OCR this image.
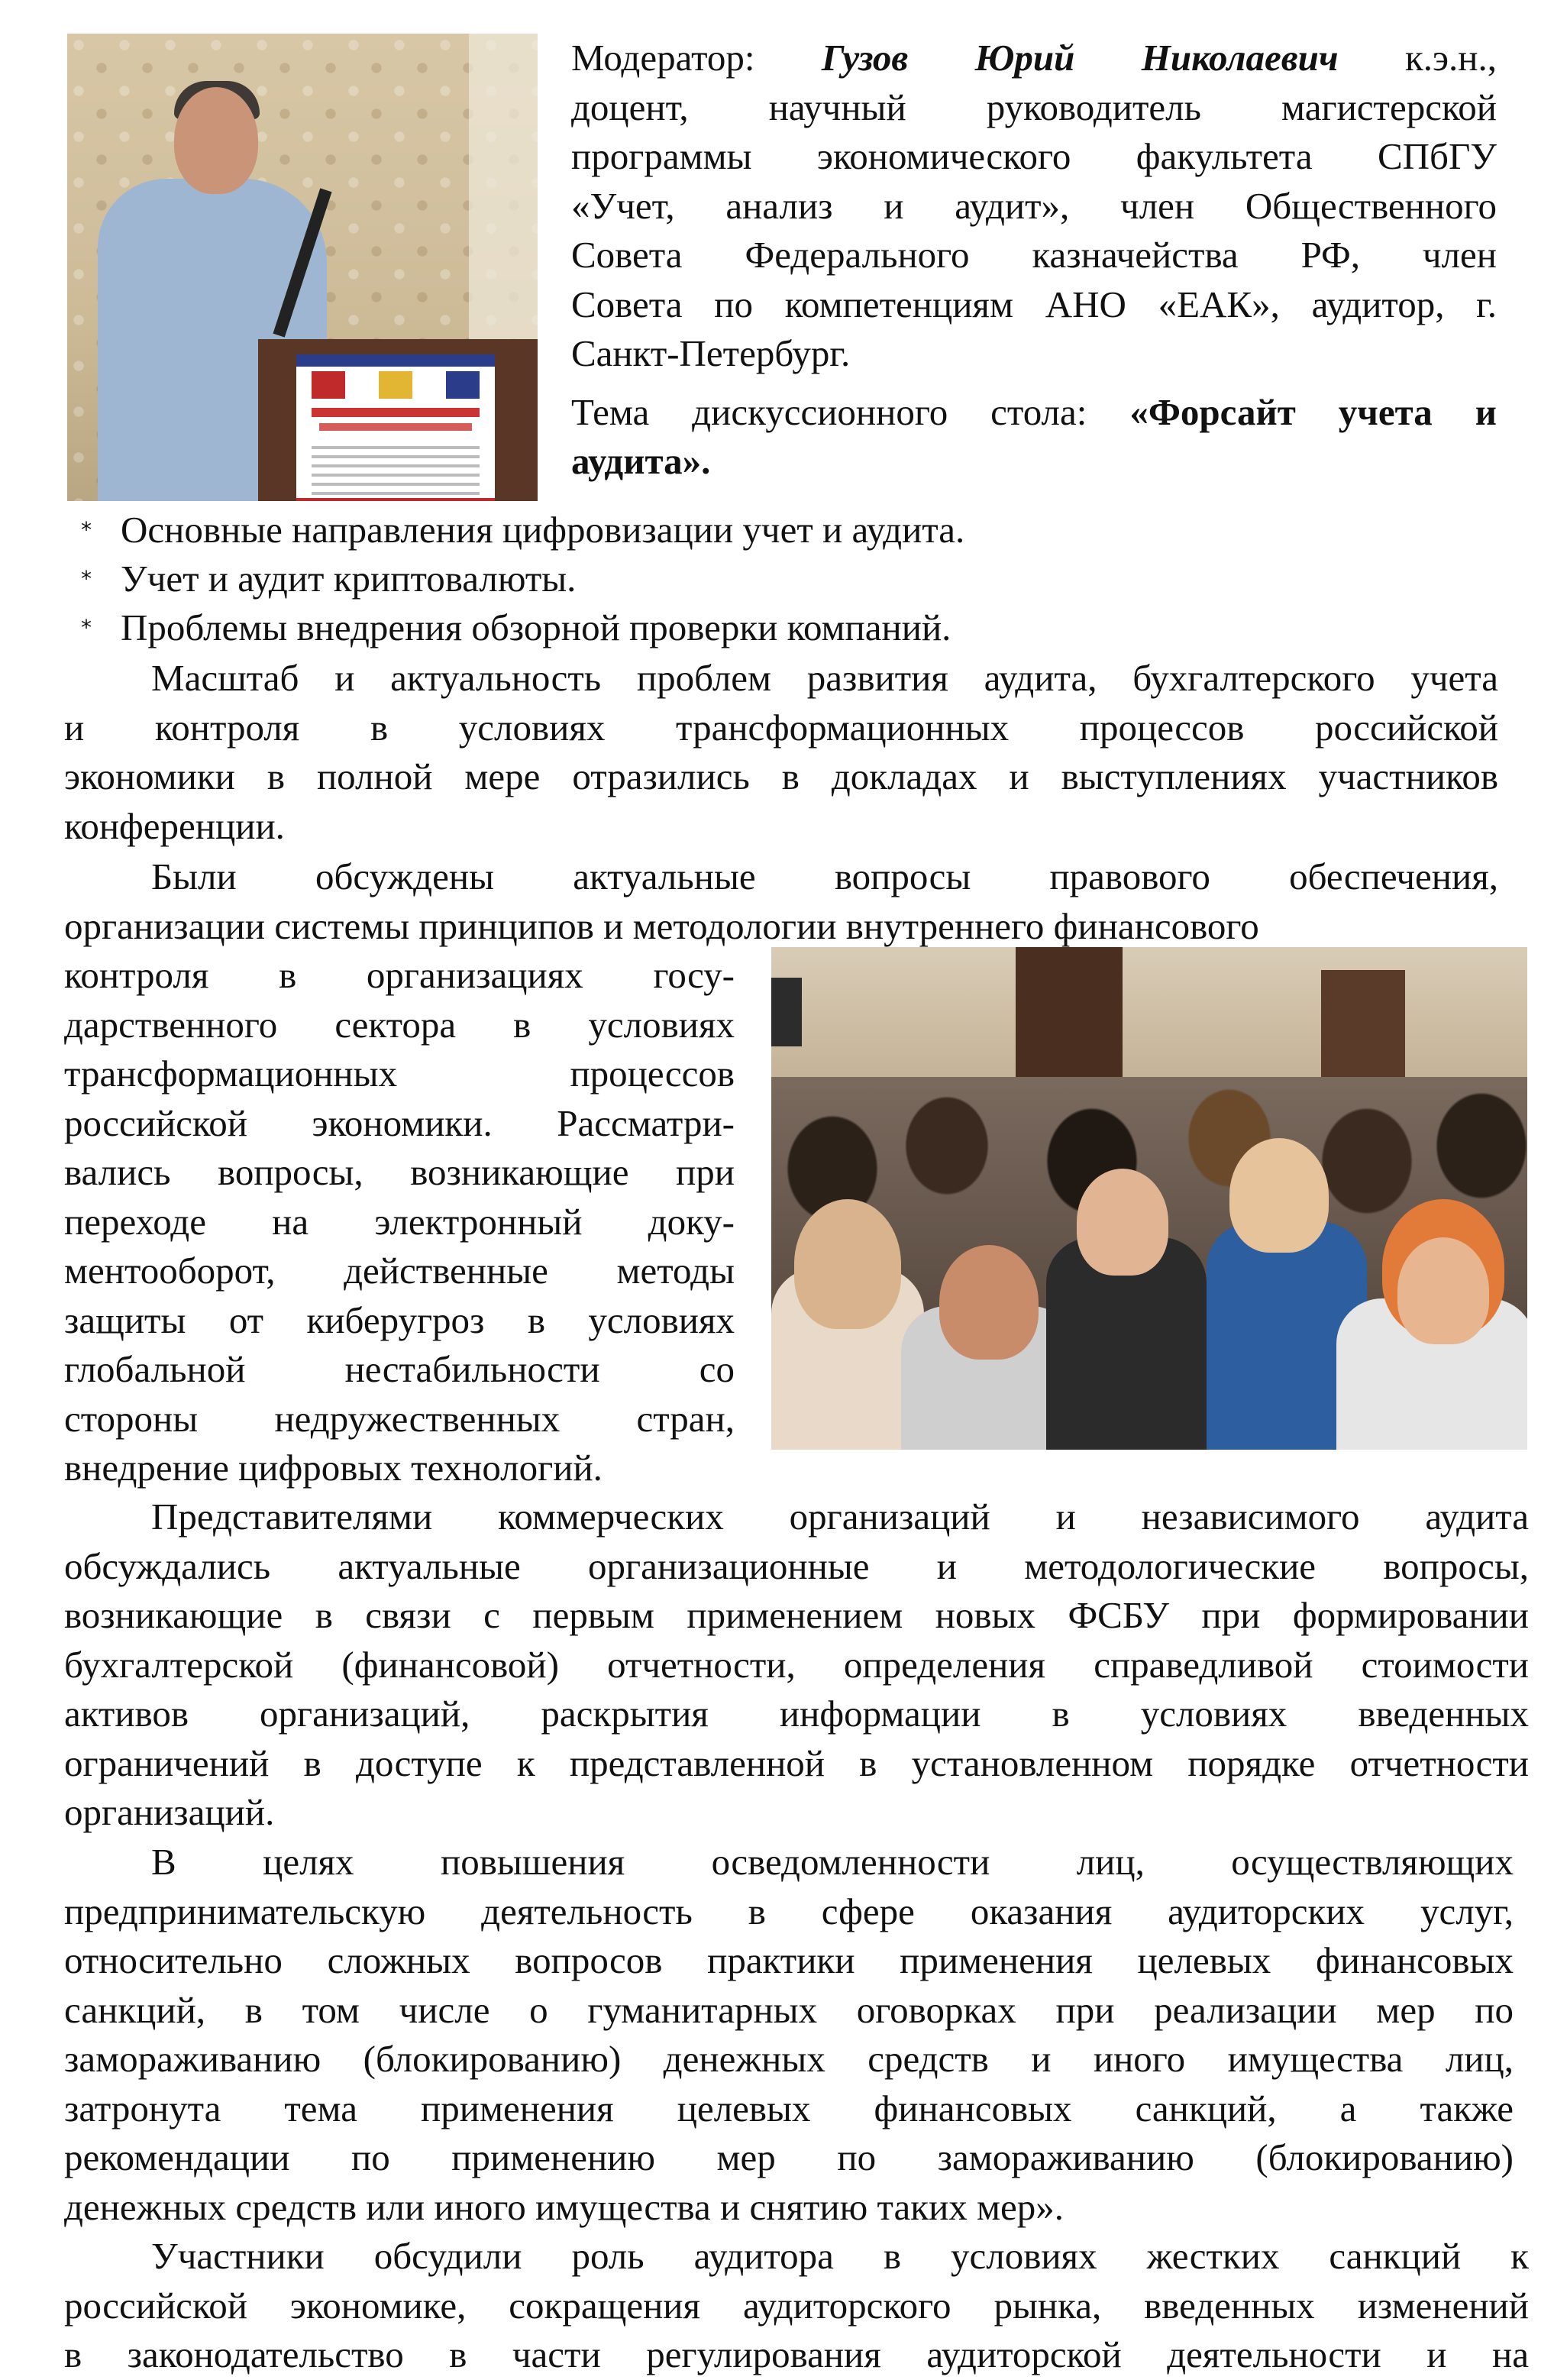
Модератор: Гузов Юрий Николаевич к.э.н.,

доцент, научный руководитель магистерской

программы экономического факультета СПбГУ

«Учет, анализ и аудит», член Общественного

Совета Федерального казначейства РФ, член

Совета по компетенциям АНО «ЕАК», аудитор, г.

Санкт-Петербург.

Тема дискуссионного стола: «Форсайт учета и

аудита».

* Основные направления цифровизации учет и аудита.
* Учет и аудит криптовалюты.
* Проблемы внедрения обзорной проверки компаний.

Масштаб и актуальность проблем развития аудита, бухгалтерского учета

и контроля в условиях трансформационных процессов российской

экономики в полной мере отразились в докладах и выступлениях участников

конференции.

Были обсуждены актуальные вопросы правового обеспечения,

организации системы принципов и методологии внутреннего финансового

контроля в организациях госу-

дарственного сектора в условиях

трансформационных процессов

российской экономики. Рассматри-

вались вопросы, возникающие при

переходе на электронный доку-

ментооборот, действенные методы

защиты от киберугроз в условиях

глобальной нестабильности со

стороны недружественных стран,

внедрение цифровых технологий.

Представителями коммерческих организаций и независимого аудита

обсуждались актуальные организационные и методологические вопросы,

возникающие в связи с первым применением новых ФСБУ при формировании

бухгалтерской (финансовой) отчетности, определения справедливой стоимости

активов организаций, раскрытия информации в условиях введенных

ограничений в доступе к представленной в установленном порядке отчетности

организаций.

В целях повышения осведомленности лиц, осуществляющих

предпринимательскую деятельность в сфере оказания аудиторских услуг,

относительно сложных вопросов практики применения целевых финансовых

санкций, в том числе о гуманитарных оговорках при реализации мер по

замораживанию (блокированию) денежных средств и иного имущества лиц,

затронута тема применения целевых финансовых санкций, а также

рекомендации по применению мер по замораживанию (блокированию)

денежных средств или иного имущества и снятию таких мер».

Участники обсудили роль аудитора в условиях жестких санкций к

российской экономике, сокращения аудиторского рынка, введенных изменений

в законодательство в части регулирования аудиторской деятельности и на
